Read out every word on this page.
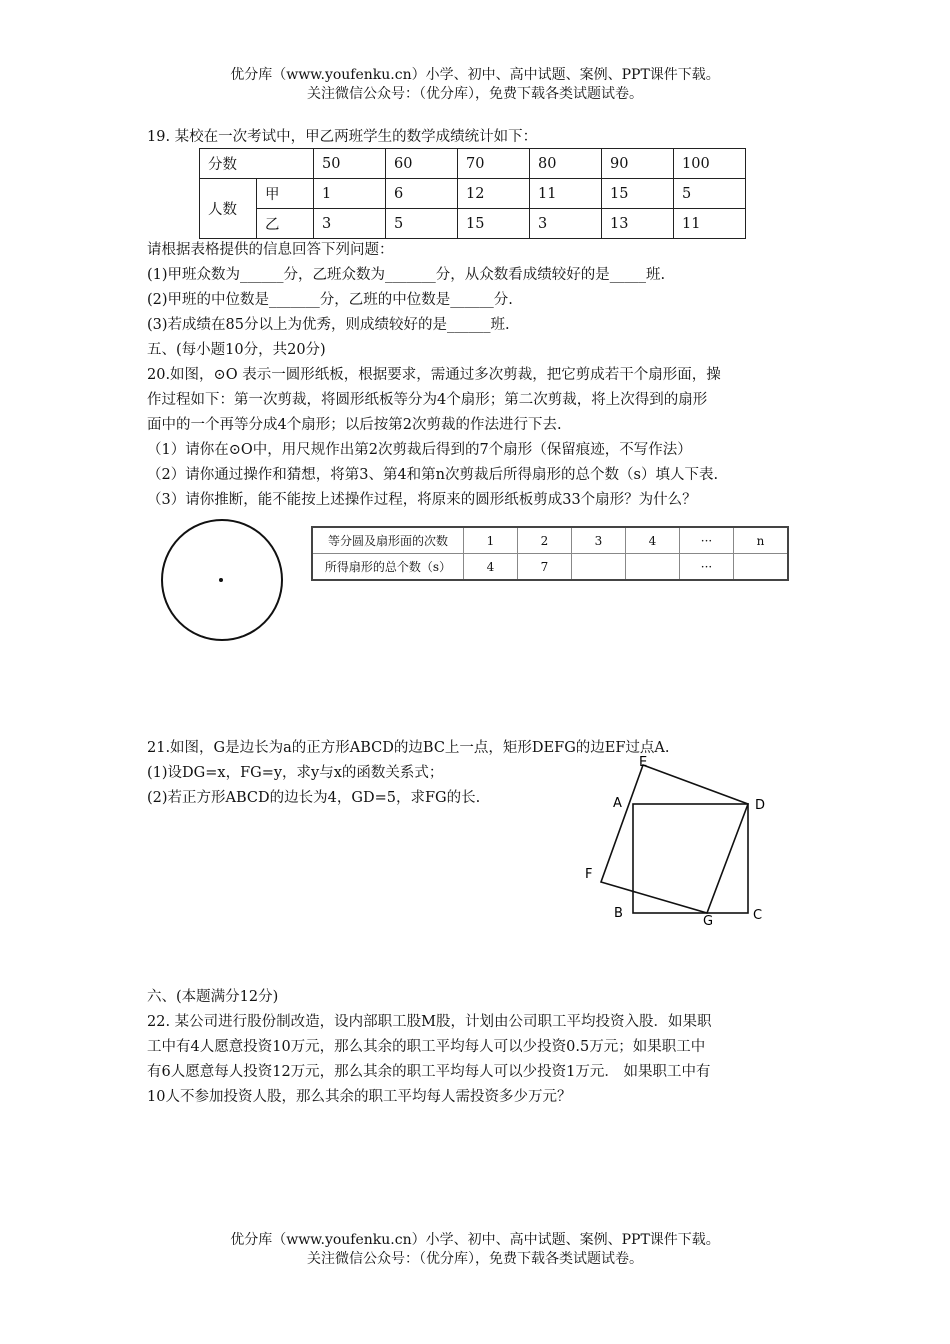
优分库（www.youfenku.cn）小学、初中、高中试题、案例、PPT课件下载。
关注微信公众号：（优分库），免费下载各类试题试卷。
19. 某校在一次考试中，甲乙两班学生的数学成绩统计如下：
分数		50	60	70	80	90	100
人数	甲	1	6	12	11	15	5
	乙	3	5	15	3	13	11
请根据表格提供的信息回答下列问题：
(1)甲班众数为______分，乙班众数为_______分，从众数看成绩较好的是_____班.
(2)甲班的中位数是_______分，乙班的中位数是______分.
(3)若成绩在85分以上为优秀，则成绩较好的是______班.
五、(每小题10分，共20分)
20.如图，⊙O 表示一圆形纸板，根据要求，需通过多次剪裁，把它剪成若干个扇形面，操
作过程如下：第一次剪裁，将圆形纸板等分为4个扇形；第二次剪裁，将上次得到的扇形
面中的一个再等分成4个扇形；以后按第2次剪裁的作法进行下去.
（1）请你在⊙O中，用尺规作出第2次剪裁后得到的7个扇形（保留痕迹，不写作法）
（2）请你通过操作和猜想，将第3、第4和第n次剪裁后所得扇形的总个数（s）填人下表.
（3）请你推断，能不能按上述操作过程，将原来的圆形纸板剪成33个扇形？为什么？
等分圆及扇形面的次数	1	2	3	4	···	n
所得扇形的总个数（s）	4	7			···	
21.如图，G是边长为a的正方形ABCD的边BC上一点，矩形DEFG的边EF过点A.
(1)设DG=x，FG=y，求y与x的函数关系式；
(2)若正方形ABCD的边长为4，GD=5，求FG的长.
E
A	D
F
B
G	C
六、(本题满分12分)
22. 某公司进行股份制改造，设内部职工股M股，计划由公司职工平均投资入股．如果职
工中有4人愿意投资10万元，那么其余的职工平均每人可以少投资0.5万元；如果职工中
有6人愿意每人投资12万元，那么其余的职工平均每人可以少投资1万元． 如果职工中有
10人不参加投资人股，那么其余的职工平均每人需投资多少万元？
优分库（www.youfenku.cn）小学、初中、高中试题、案例、PPT课件下载。
关注微信公众号：（优分库），免费下载各类试题试卷。
